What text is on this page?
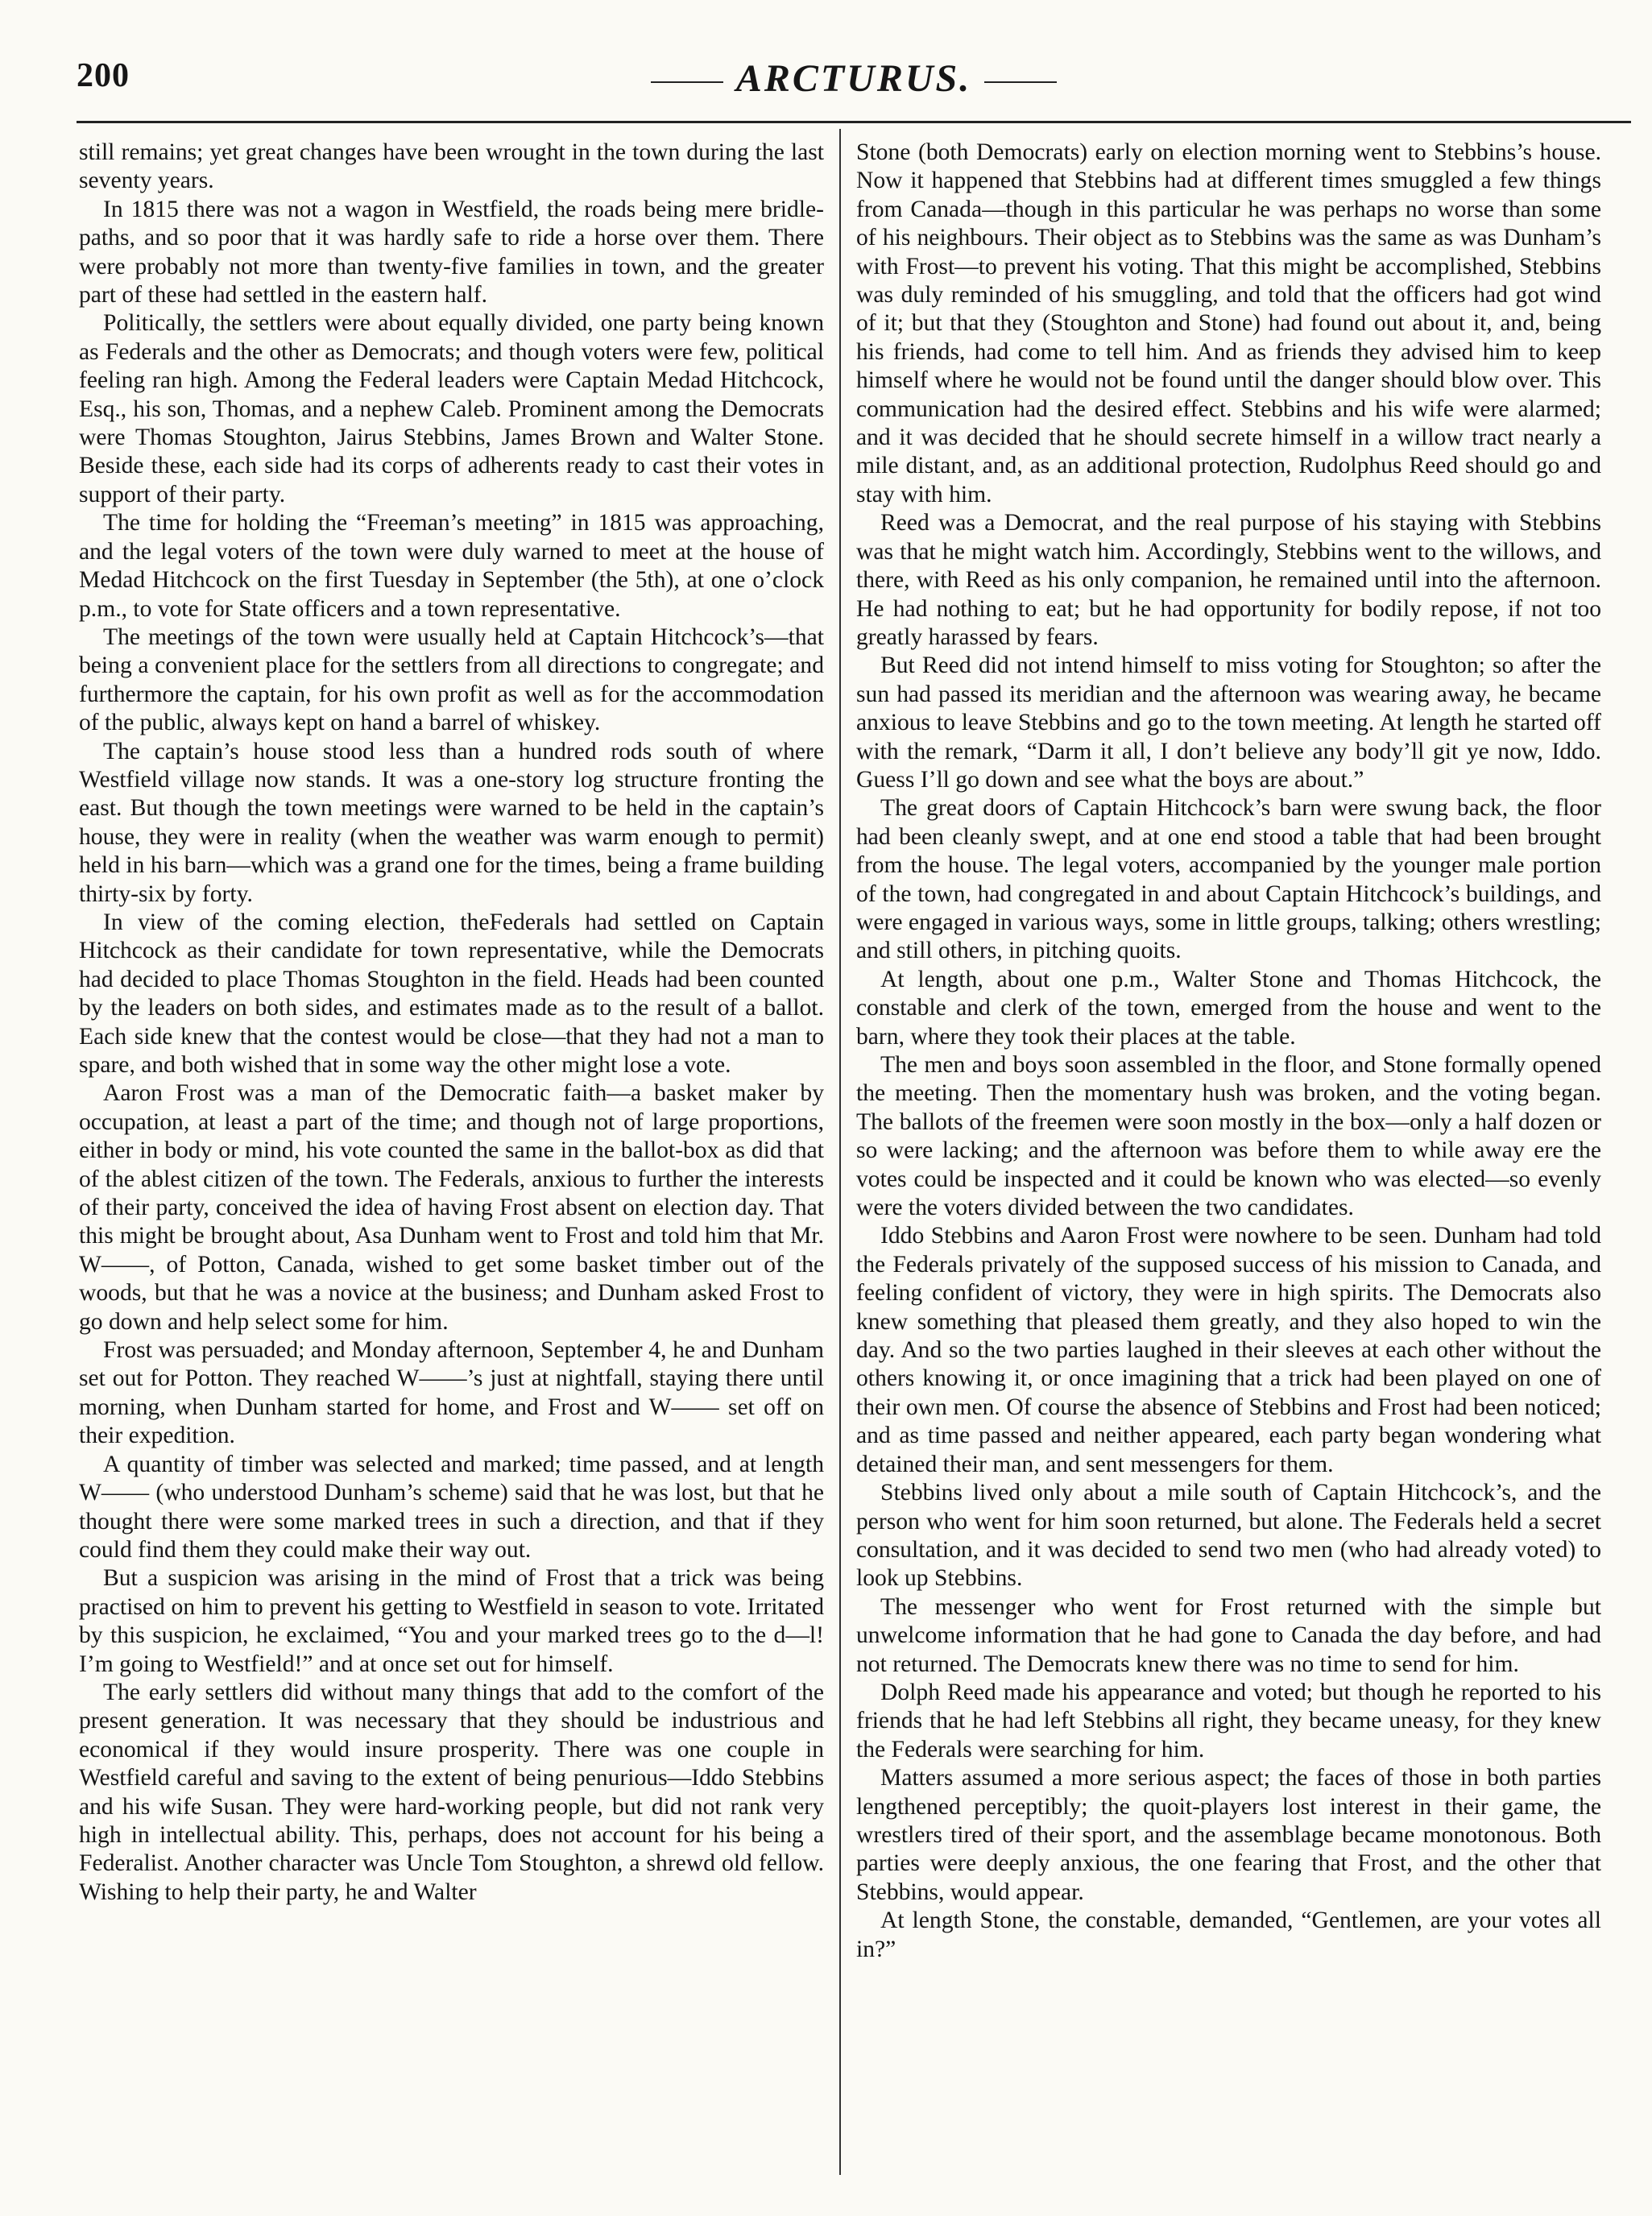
200	ARCTURUS.

still remains; yet great changes have been wrought in the town during the last seventy years.

In 1815 there was not a wagon in Westfield, the roads being mere bridle-paths, and so poor that it was hardly safe to ride a horse over them. There were probably not more than twenty-five families in town, and the greater part of these had settled in the eastern half.

Politically, the settlers were about equally divided, one party being known as Federals and the other as Democrats; and though voters were few, political feeling ran high. Among the Federal leaders were Captain Medad Hitchcock, Esq., his son, Thomas, and a nephew Caleb. Prominent among the Democrats were Thomas Stoughton, Jairus Stebbins, James Brown and Walter Stone. Beside these, each side had its corps of adherents ready to cast their votes in support of their party.

The time for holding the “Freeman’s meeting” in 1815 was approaching, and the legal voters of the town were duly warned to meet at the house of Medad Hitchcock on the first Tuesday in September (the 5th), at one o’clock p.m., to vote for State officers and a town representative.

The meetings of the town were usually held at Captain Hitchcock’s—that being a convenient place for the settlers from all directions to congregate; and furthermore the captain, for his own profit as well as for the accommodation of the public, always kept on hand a barrel of whiskey.

The captain’s house stood less than a hundred rods south of where Westfield village now stands. It was a one-story log structure fronting the east. But though the town meetings were warned to be held in the captain’s house, they were in reality (when the weather was warm enough to permit) held in his barn—which was a grand one for the times, being a frame building thirty-six by forty.

In view of the coming election, theFederals had settled on Captain Hitchcock as their candidate for town representative, while the Democrats had decided to place Thomas Stoughton in the field. Heads had been counted by the leaders on both sides, and estimates made as to the result of a ballot. Each side knew that the contest would be close—that they had not a man to spare, and both wished that in some way the other might lose a vote.

Aaron Frost was a man of the Democratic faith—a basket maker by occupation, at least a part of the time; and though not of large proportions, either in body or mind, his vote counted the same in the ballot-box as did that of the ablest citizen of the town. The Federals, anxious to further the interests of their party, conceived the idea of having Frost absent on election day. That this might be brought about, Asa Dunham went to Frost and told him that Mr. W——, of Potton, Canada, wished to get some basket timber out of the woods, but that he was a novice at the business; and Dunham asked Frost to go down and help select some for him.

Frost was persuaded; and Monday afternoon, September 4, he and Dunham set out for Potton. They reached W——’s just at nightfall, staying there until morning, when Dunham started for home, and Frost and W—— set off on their expedition.

A quantity of timber was selected and marked; time passed, and at length W—— (who understood Dunham’s scheme) said that he was lost, but that he thought there were some marked trees in such a direction, and that if they could find them they could make their way out.

But a suspicion was arising in the mind of Frost that a trick was being practised on him to prevent his getting to Westfield in season to vote. Irritated by this suspicion, he exclaimed, “You and your marked trees go to the d—l! I’m going to Westfield!” and at once set out for himself.

The early settlers did without many things that add to the comfort of the present generation. It was necessary that they should be industrious and economical if they would insure prosperity. There was one couple in Westfield careful and saving to the extent of being penurious—Iddo Stebbins and his wife Susan. They were hard-working people, but did not rank very high in intellectual ability. This, perhaps, does not account for his being a Federalist. Another character was Uncle Tom Stoughton, a shrewd old fellow. Wishing to help their party, he and Walter

Stone (both Democrats) early on election morning went to Stebbins’s house. Now it happened that Stebbins had at different times smuggled a few things from Canada—though in this particular he was perhaps no worse than some of his neighbours. Their object as to Stebbins was the same as was Dunham’s with Frost—to prevent his voting. That this might be accomplished, Stebbins was duly reminded of his smuggling, and told that the officers had got wind of it; but that they (Stoughton and Stone) had found out about it, and, being his friends, had come to tell him. And as friends they advised him to keep himself where he would not be found until the danger should blow over. This communication had the desired effect. Stebbins and his wife were alarmed; and it was decided that he should secrete himself in a willow tract nearly a mile distant, and, as an additional protection, Rudolphus Reed should go and stay with him.

Reed was a Democrat, and the real purpose of his staying with Stebbins was that he might watch him. Accordingly, Stebbins went to the willows, and there, with Reed as his only companion, he remained until into the afternoon. He had nothing to eat; but he had opportunity for bodily repose, if not too greatly harassed by fears.

But Reed did not intend himself to miss voting for Stoughton; so after the sun had passed its meridian and the afternoon was wearing away, he became anxious to leave Stebbins and go to the town meeting. At length he started off with the remark, “Darm it all, I don’t believe any body’ll git ye now, Iddo. Guess I’ll go down and see what the boys are about.”

The great doors of Captain Hitchcock’s barn were swung back, the floor had been cleanly swept, and at one end stood a table that had been brought from the house. The legal voters, accompanied by the younger male portion of the town, had congregated in and about Captain Hitchcock’s buildings, and were engaged in various ways, some in little groups, talking; others wrestling; and still others, in pitching quoits.

At length, about one p.m., Walter Stone and Thomas Hitchcock, the constable and clerk of the town, emerged from the house and went to the barn, where they took their places at the table.

The men and boys soon assembled in the floor, and Stone formally opened the meeting. Then the momentary hush was broken, and the voting began. The ballots of the freemen were soon mostly in the box—only a half dozen or so were lacking; and the afternoon was before them to while away ere the votes could be inspected and it could be known who was elected—so evenly were the voters divided between the two candidates.

Iddo Stebbins and Aaron Frost were nowhere to be seen. Dunham had told the Federals privately of the supposed success of his mission to Canada, and feeling confident of victory, they were in high spirits. The Democrats also knew something that pleased them greatly, and they also hoped to win the day. And so the two parties laughed in their sleeves at each other without the others knowing it, or once imagining that a trick had been played on one of their own men. Of course the absence of Stebbins and Frost had been noticed; and as time passed and neither appeared, each party began wondering what detained their man, and sent messengers for them.

Stebbins lived only about a mile south of Captain Hitchcock’s, and the person who went for him soon returned, but alone. The Federals held a secret consultation, and it was decided to send two men (who had already voted) to look up Stebbins.

The messenger who went for Frost returned with the simple but unwelcome information that he had gone to Canada the day before, and had not returned. The Democrats knew there was no time to send for him.

Dolph Reed made his appearance and voted; but though he reported to his friends that he had left Stebbins all right, they became uneasy, for they knew the Federals were searching for him.

Matters assumed a more serious aspect; the faces of those in both parties lengthened perceptibly; the quoit-players lost interest in their game, the wrestlers tired of their sport, and the assemblage became monotonous. Both parties were deeply anxious, the one fearing that Frost, and the other that Stebbins, would appear.

At length Stone, the constable, demanded, “Gentlemen, are your votes all in?”
